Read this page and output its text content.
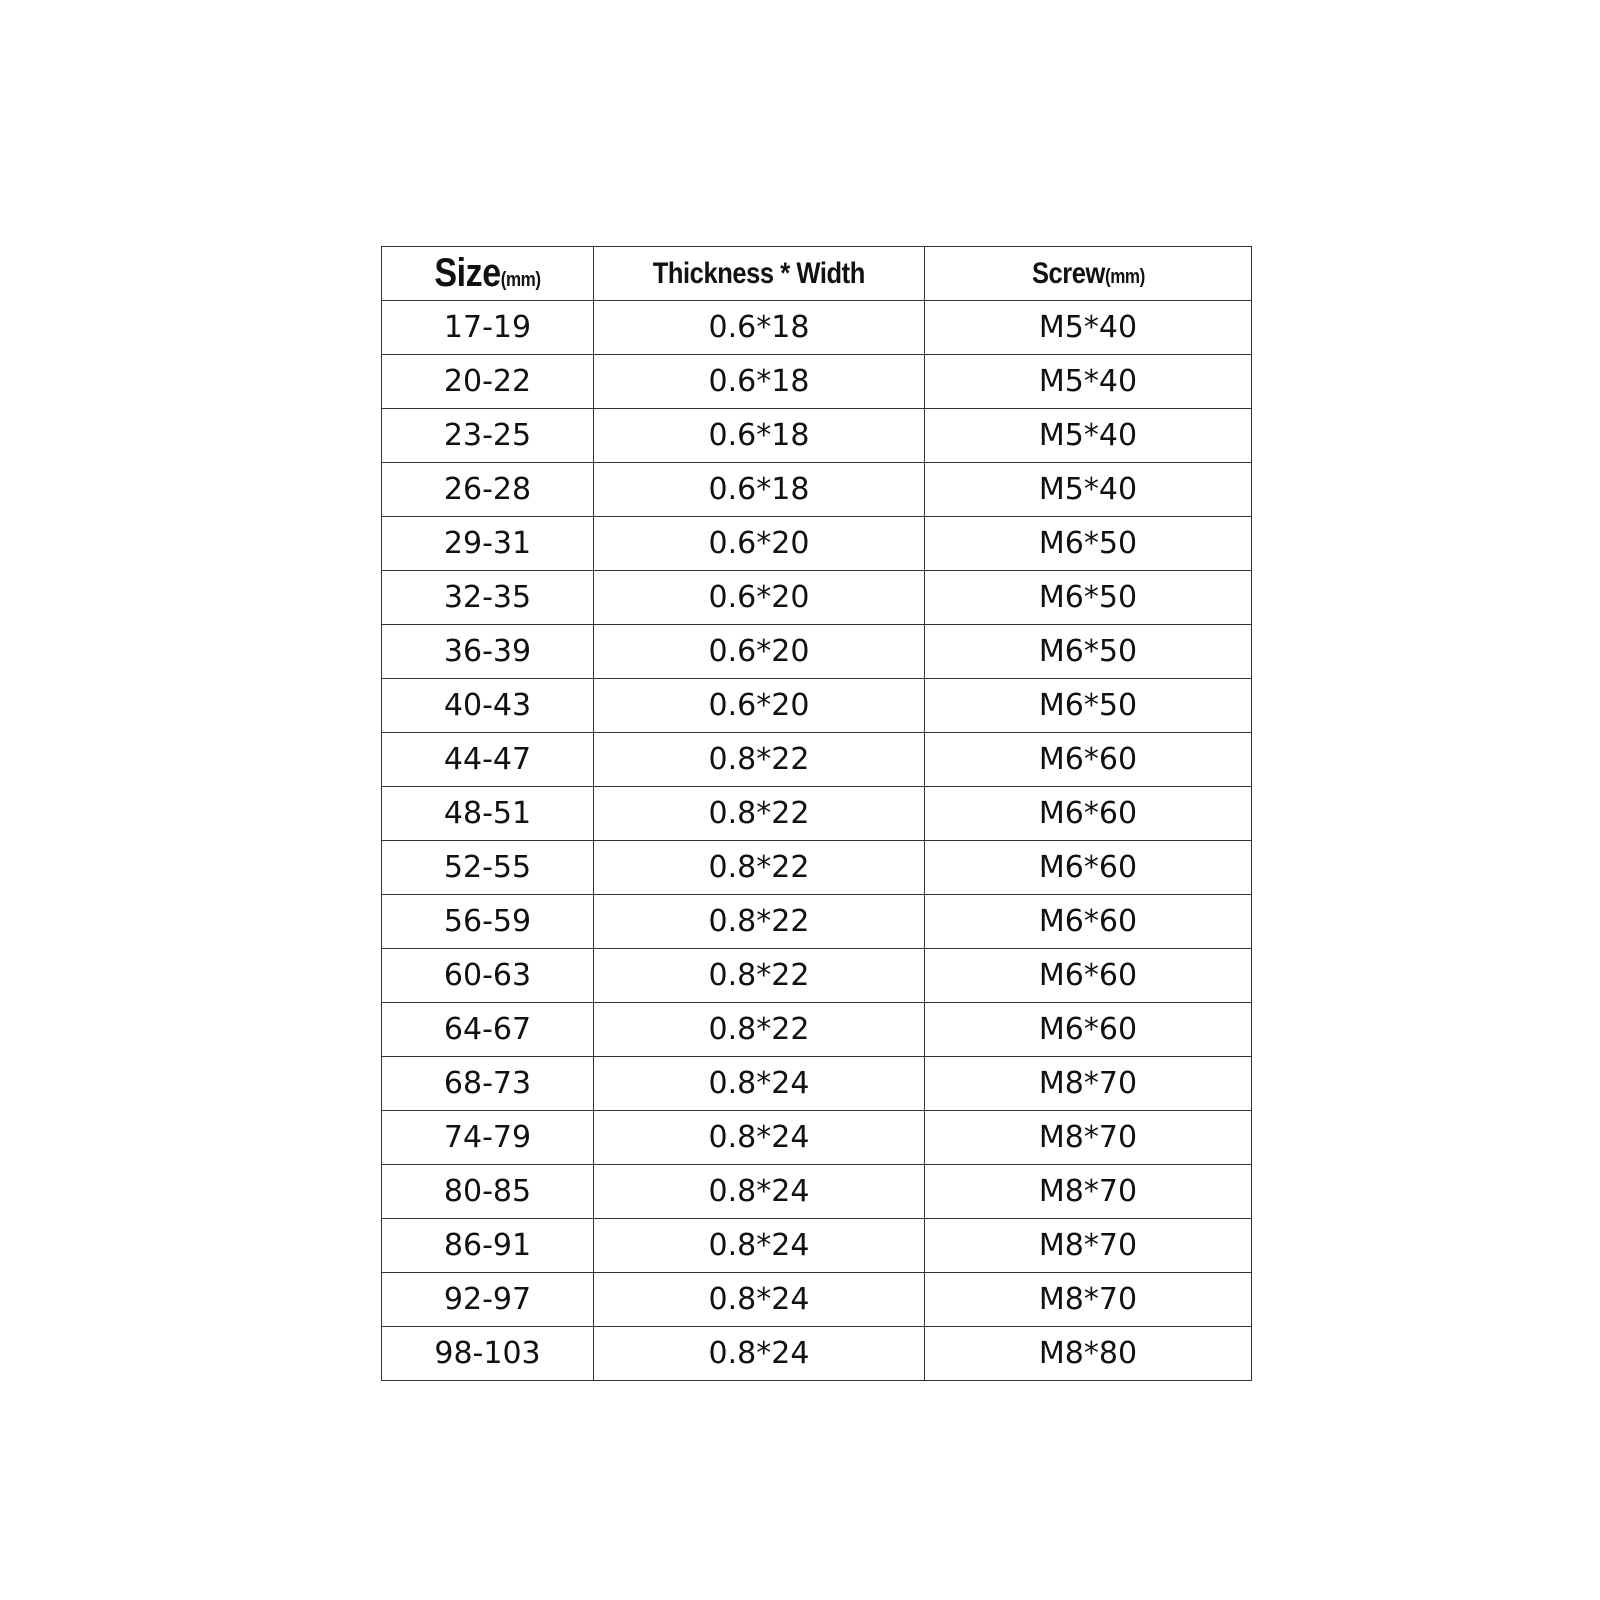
Size(mm)	Thickness * Width	Screw(mm)
17-19	0.6*18	M5*40
20-22	0.6*18	M5*40
23-25	0.6*18	M5*40
26-28	0.6*18	M5*40
29-31	0.6*20	M6*50
32-35	0.6*20	M6*50
36-39	0.6*20	M6*50
40-43	0.6*20	M6*50
44-47	0.8*22	M6*60
48-51	0.8*22	M6*60
52-55	0.8*22	M6*60
56-59	0.8*22	M6*60
60-63	0.8*22	M6*60
64-67	0.8*22	M6*60
68-73	0.8*24	M8*70
74-79	0.8*24	M8*70
80-85	0.8*24	M8*70
86-91	0.8*24	M8*70
92-97	0.8*24	M8*70
98-103	0.8*24	M8*80
